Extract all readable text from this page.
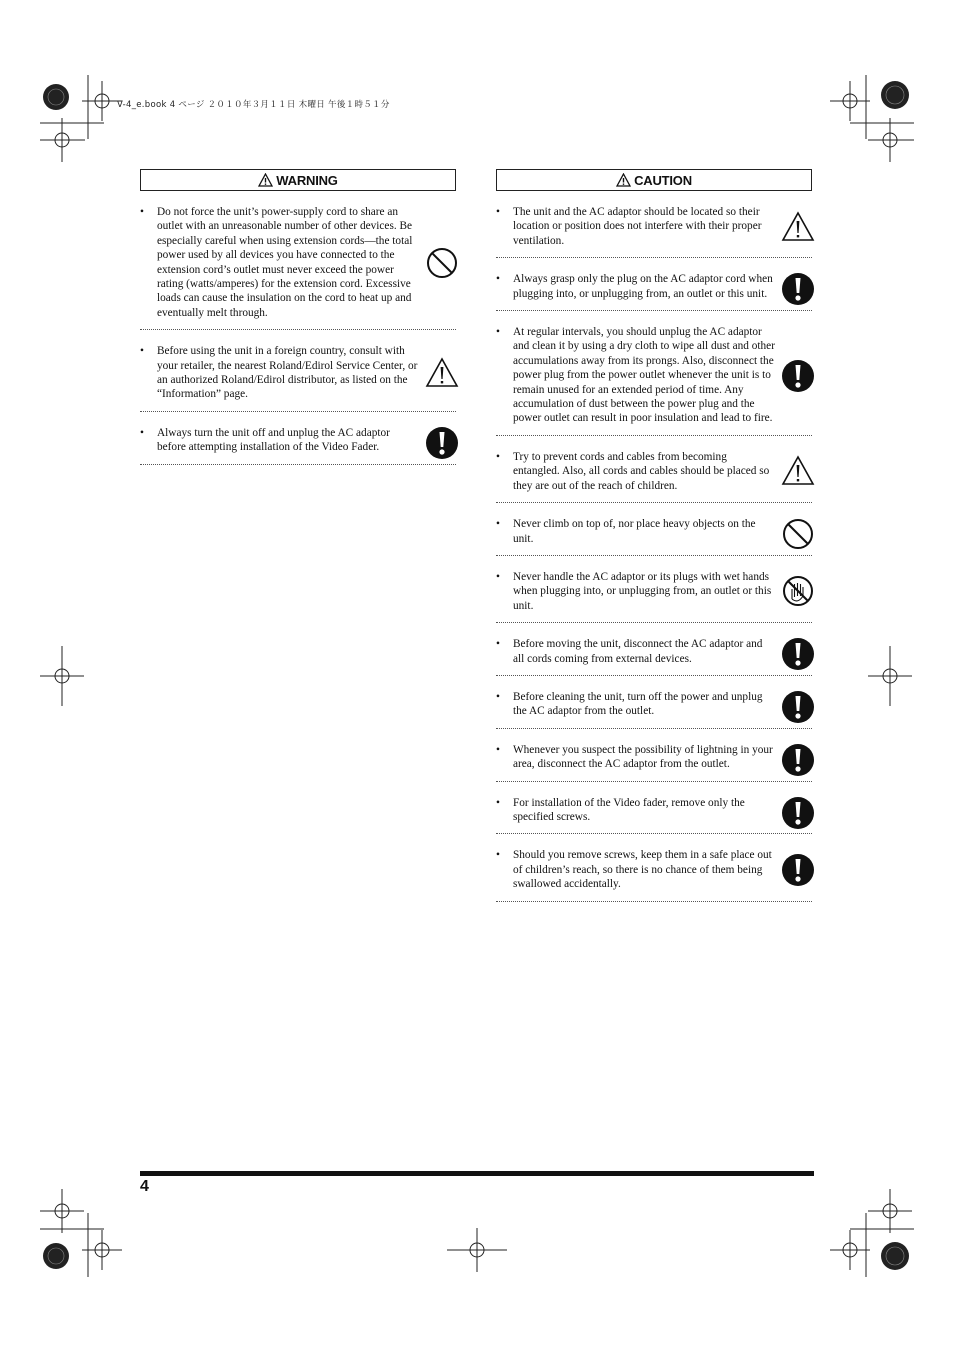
V-4_e.book 4 ページ ２０１０年３月１１日 木曜日 午後１時５１分
WARNING
• Do not force the unit’s power-supply cord to share an outlet with an unreasonable number of other devices. Be especially careful when using extension cords—the total power used by all devices you have connected to the extension cord’s outlet must never exceed the power rating (watts/amperes) for the extension cord. Excessive loads can cause the insulation on the cord to heat up and eventually melt through.
• Before using the unit in a foreign country, consult with your retailer, the nearest Roland/Edirol Service Center, or an authorized Roland/Edirol distributor, as listed on the “Information” page.
• Always turn the unit off and unplug the AC adaptor before attempting installation of the Video Fader.
CAUTION
• The unit and the AC adaptor should be located so their location or position does not interfere with their proper ventilation.
• Always grasp only the plug on the AC adaptor cord when plugging into, or unplugging from, an outlet or this unit.
• At regular intervals, you should unplug the AC adaptor and clean it by using a dry cloth to wipe all dust and other accumulations away from its prongs. Also, disconnect the power plug from the power outlet whenever the unit is to remain unused for an extended period of time. Any accumulation of dust between the power plug and the power outlet can result in poor insulation and lead to fire.
• Try to prevent cords and cables from becoming entangled. Also, all cords and cables should be placed so they are out of the reach of children.
• Never climb on top of, nor place heavy objects on the unit.
• Never handle the AC adaptor or its plugs with wet hands when plugging into, or unplugging from, an outlet or this unit.
• Before moving the unit, disconnect the AC adaptor and all cords coming from external devices.
• Before cleaning the unit, turn off the power and unplug the AC adaptor from the outlet.
• Whenever you suspect the possibility of lightning in your area, disconnect the AC adaptor from the outlet.
• For installation of the Video fader, remove only the specified screws.
• Should you remove screws, keep them in a safe place out of children’s reach, so there is no chance of them being swallowed accidentally.
4
